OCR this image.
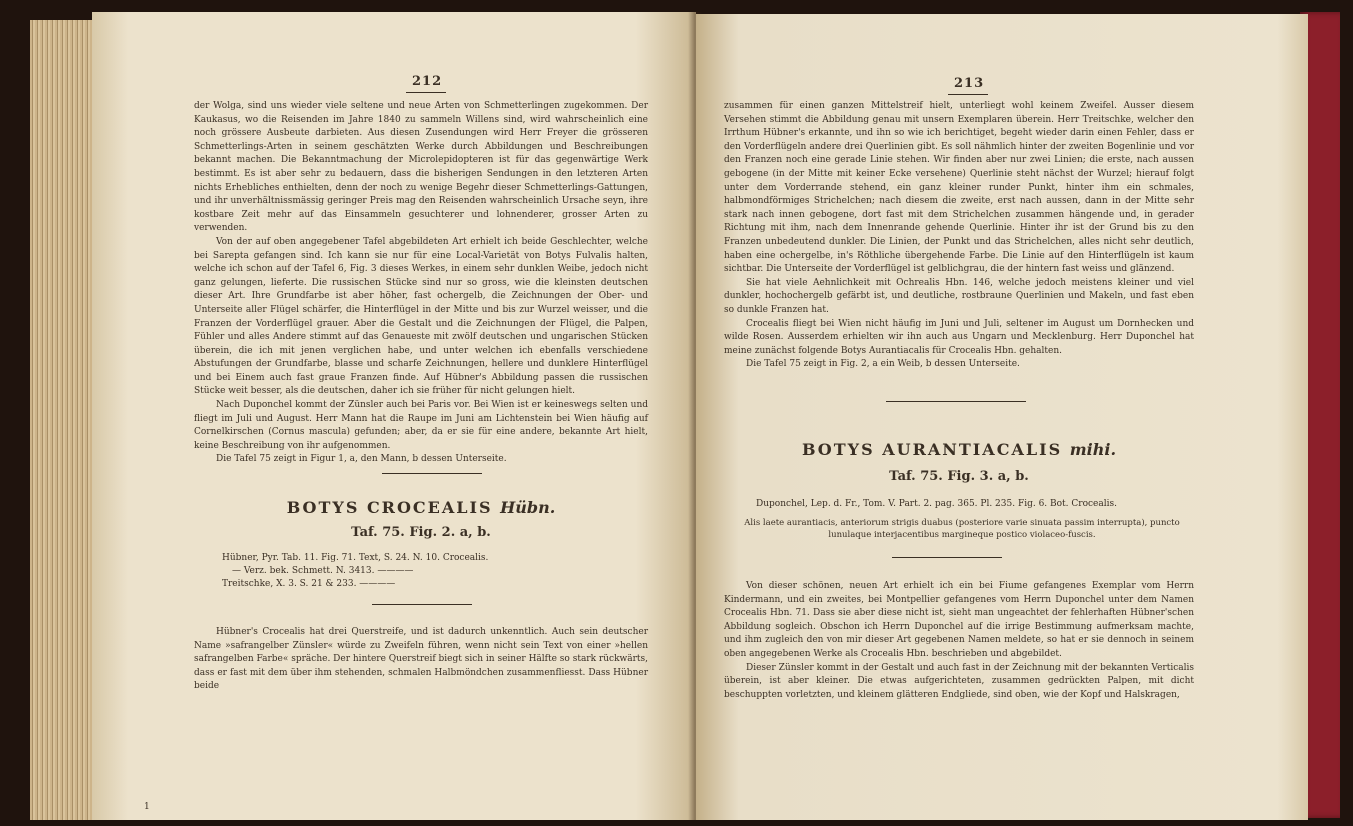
212

der Wolga, sind uns wieder viele seltene und neue Arten von Schmetterlingen zugekommen. Der Kaukasus, wo die Reisenden im Jahre 1840 zu sammeln Willens sind, wird wahrscheinlich eine noch grössere Ausbeute darbieten. Aus diesen Zusendungen wird Herr Freyer die grösseren Schmetterlings-Arten in seinem geschätzten Werke durch Abbildungen und Beschreibungen bekannt machen. Die Bekanntmachung der Microlepidopteren ist für das gegenwärtige Werk bestimmt. Es ist aber sehr zu bedauern, dass die bisherigen Sendungen in den letzteren Arten nichts Erhebliches enthielten, denn der noch zu wenige Begehr dieser Schmetterlings-Gattungen, und ihr unverhältnissmässig geringer Preis mag den Reisenden wahrscheinlich Ursache seyn, ihre kostbare Zeit mehr auf das Einsammeln gesuchterer und lohnenderer, grosser Arten zu verwenden.

Von der auf oben angegebener Tafel abgebildeten Art erhielt ich beide Geschlechter, welche bei Sarepta gefangen sind. Ich kann sie nur für eine Local-Varietät von Botys Fulvalis halten, welche ich schon auf der Tafel 6, Fig. 3 dieses Werkes, in einem sehr dunklen Weibe, jedoch nicht ganz gelungen, lieferte. Die russischen Stücke sind nur so gross, wie die kleinsten deutschen dieser Art. Ihre Grundfarbe ist aber höher, fast ochergelb, die Zeichnungen der Ober- und Unterseite aller Flügel schärfer, die Hinterflügel in der Mitte und bis zur Wurzel weisser, und die Franzen der Vorderflügel grauer. Aber die Gestalt und die Zeichnungen der Flügel, die Palpen, Fühler und alles Andere stimmt auf das Genaueste mit zwölf deutschen und ungarischen Stücken überein, die ich mit jenen verglichen habe, und unter welchen ich ebenfalls verschiedene Abstufungen der Grundfarbe, blasse und scharfe Zeichnungen, hellere und dunklere Hinterflügel und bei Einem auch fast graue Franzen finde. Auf Hübner's Abbildung passen die russischen Stücke weit besser, als die deutschen, daher ich sie früher für nicht gelungen hielt.

Nach Duponchel kommt der Zünsler auch bei Paris vor. Bei Wien ist er keineswegs selten und fliegt im Juli und August. Herr Mann hat die Raupe im Juni am Lichtenstein bei Wien häufig auf Cornelkirschen (Cornus mascula) gefunden; aber, da er sie für eine andere, bekannte Art hielt, keine Beschreibung von ihr aufgenommen.

Die Tafel 75 zeigt in Figur 1, a, den Mann, b dessen Unterseite.

BOTYS CROCEALIS Hübn.
Taf. 75. Fig. 2. a, b.
Hübner, Pyr. Tab. 11. Fig. 71. Text, S. 24. N. 10. Crocealis.
— Verz. bek. Schmett. N. 3413. ————
Treitschke, X. 3. S. 21 & 233. ————

Hübner's Crocealis hat drei Querstreife, und ist dadurch unkenntlich. Auch sein deutscher Name »safrangelber Zünsler« würde zu Zweifeln führen, wenn nicht sein Text von einer »hellen safrangelben Farbe« spräche. Der hintere Querstreif biegt sich in seiner Hälfte so stark rückwärts, dass er fast mit dem über ihm stehenden, schmalen Halbmöndchen zusammenfliesst. Dass Hübner beide

1
213

zusammen für einen ganzen Mittelstreif hielt, unterliegt wohl keinem Zweifel. Ausser diesem Versehen stimmt die Abbildung genau mit unsern Exemplaren überein. Herr Treitschke, welcher den Irrthum Hübner's erkannte, und ihn so wie ich berichtiget, begeht wieder darin einen Fehler, dass er den Vorderflügeln andere drei Querlinien gibt. Es soll nähmlich hinter der zweiten Bogenlinie und vor den Franzen noch eine gerade Linie stehen. Wir finden aber nur zwei Linien; die erste, nach aussen gebogene (in der Mitte mit keiner Ecke versehene) Querlinie steht nächst der Wurzel; hierauf folgt unter dem Vorderrande stehend, ein ganz kleiner runder Punkt, hinter ihm ein schmales, halbmondförmiges Strichelchen; nach diesem die zweite, erst nach aussen, dann in der Mitte sehr stark nach innen gebogene, dort fast mit dem Strichelchen zusammen hängende und, in gerader Richtung mit ihm, nach dem Innenrande gehende Querlinie. Hinter ihr ist der Grund bis zu den Franzen unbedeutend dunkler. Die Linien, der Punkt und das Strichelchen, alles nicht sehr deutlich, haben eine ochergelbe, in's Röthliche übergehende Farbe. Die Linie auf den Hinterflügeln ist kaum sichtbar. Die Unterseite der Vorderflügel ist gelblichgrau, die der hintern fast weiss und glänzend.

Sie hat viele Aehnlichkeit mit Ochrealis Hbn. 146, welche jedoch meistens kleiner und viel dunkler, hochochergelb gefärbt ist, und deutliche, rostbraune Querlinien und Makeln, und fast eben so dunkle Franzen hat.

Crocealis fliegt bei Wien nicht häufig im Juni und Juli, seltener im August um Dornhecken und wilde Rosen. Ausserdem erhielten wir ihn auch aus Ungarn und Mecklenburg. Herr Duponchel hat meine zunächst folgende Botys Aurantiacalis für Crocealis Hbn. gehalten.

Die Tafel 75 zeigt in Fig. 2, a ein Weib, b dessen Unterseite.

BOTYS AURANTIACALIS mihi.
Taf. 75. Fig. 3. a, b.
Duponchel, Lep. d. Fr., Tom. V. Part. 2. pag. 365. Pl. 235. Fig. 6. Bot. Crocealis.
Alis laete aurantiacis, anteriorum strigis duabus (posteriore varie sinuata passim interrupta), puncto lunulaque interjacentibus margineque postico violaceo-fuscis.

Von dieser schönen, neuen Art erhielt ich ein bei Fiume gefangenes Exemplar vom Herrn Kindermann, und ein zweites, bei Montpellier gefangenes vom Herrn Duponchel unter dem Namen Crocealis Hbn. 71. Dass sie aber diese nicht ist, sieht man ungeachtet der fehlerhaften Hübner'schen Abbildung sogleich. Obschon ich Herrn Duponchel auf die irrige Bestimmung aufmerksam machte, und ihm zugleich den von mir dieser Art gegebenen Namen meldete, so hat er sie dennoch in seinem oben angegebenen Werke als Crocealis Hbn. beschrieben und abgebildet.

Dieser Zünsler kommt in der Gestalt und auch fast in der Zeichnung mit der bekannten Verticalis überein, ist aber kleiner. Die etwas aufgerichteten, zusammen gedrückten Palpen, mit dicht beschuppten vorletzten, und kleinem glätteren Endgliede, sind oben, wie der Kopf und Halskragen,
